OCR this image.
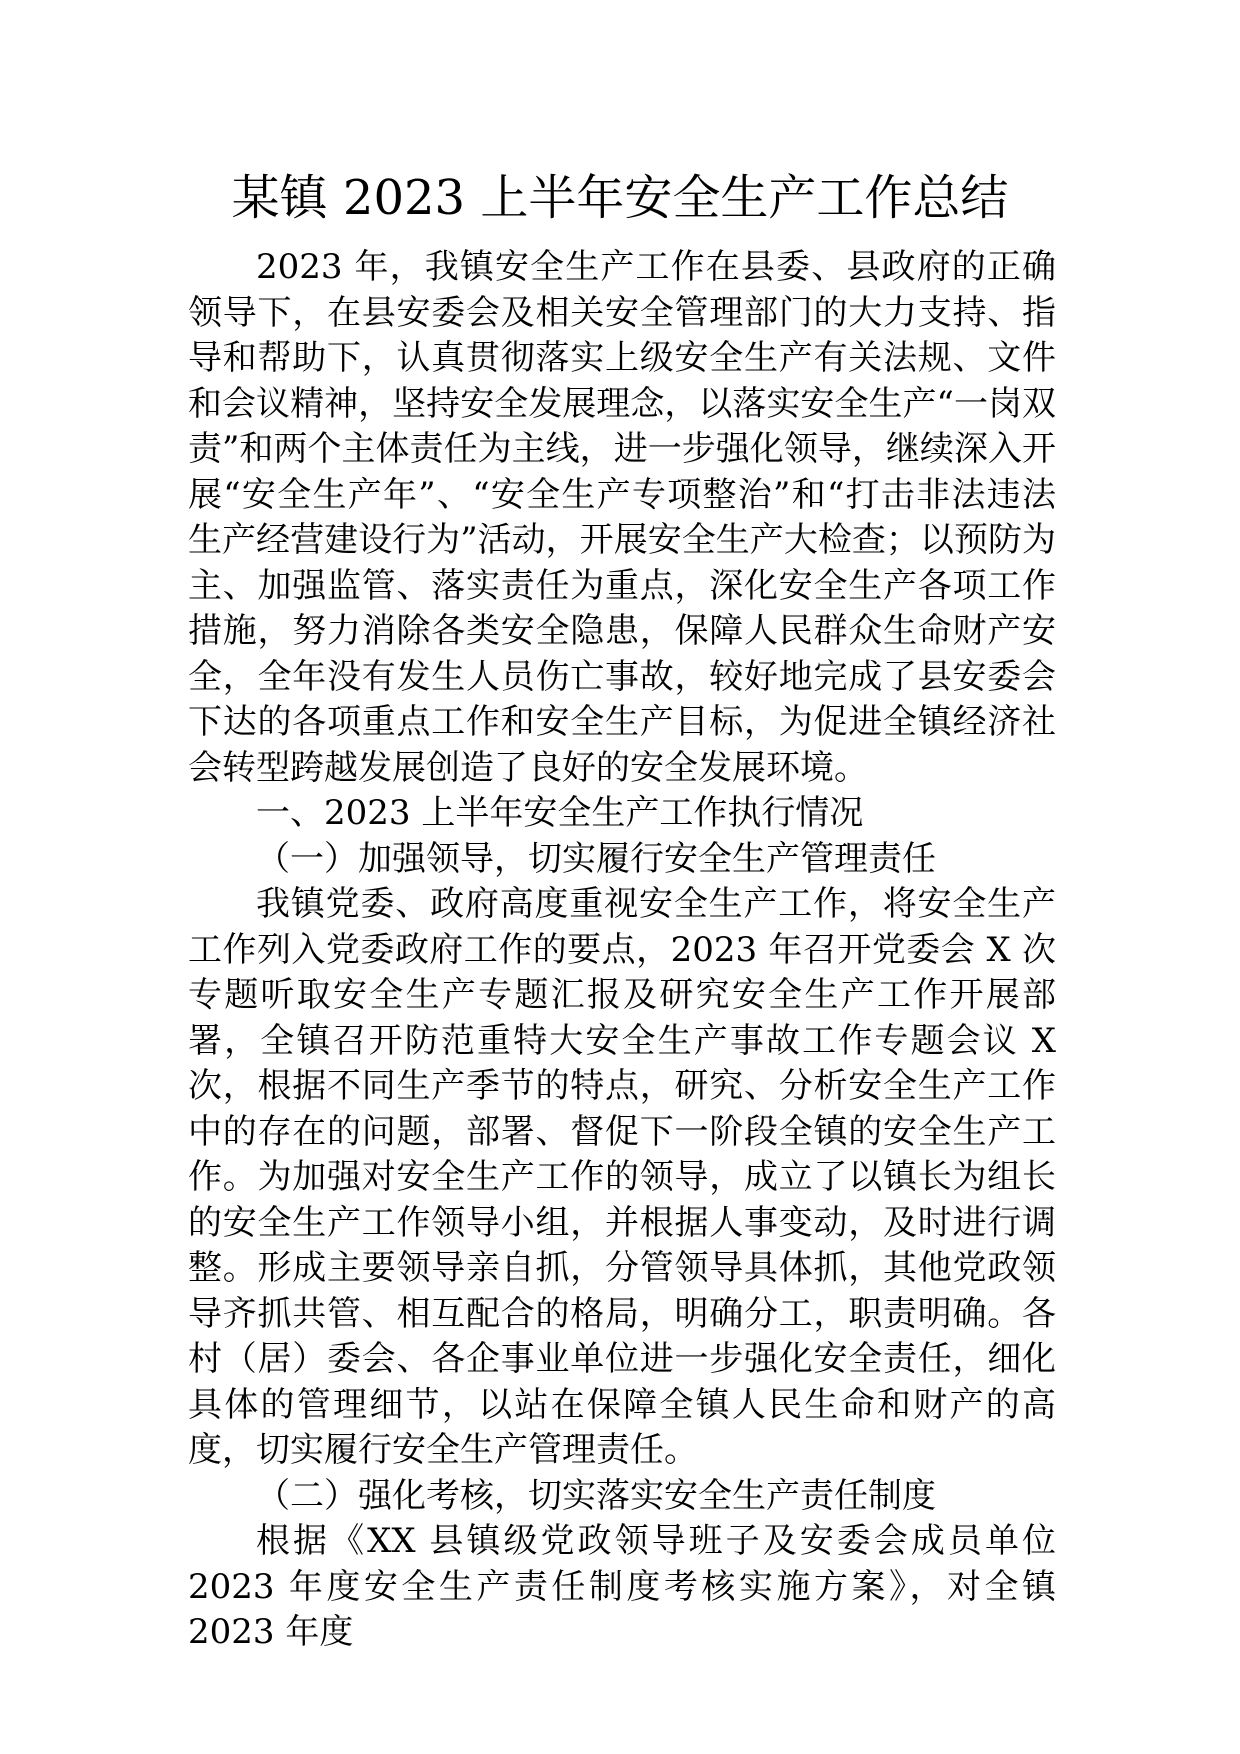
某镇 2023 上半年安全生产工作总结

2023 年，我镇安全生产工作在县委、县政府的正确领导下，在县安委会及相关安全管理部门的大力支持、指导和帮助下，认真贯彻落实上级安全生产有关法规、文件和会议精神，坚持安全发展理念，以落实安全生产“一岗双责”和两个主体责任为主线，进一步强化领导，继续深入开展“安全生产年”、“安全生产专项整治”和“打击非法违法生产经营建设行为”活动，开展安全生产大检查；以预防为主、加强监管、落实责任为重点，深化安全生产各项工作措施，努力消除各类安全隐患，保障人民群众生命财产安全，全年没有发生人员伤亡事故，较好地完成了县安委会下达的各项重点工作和安全生产目标，为促进全镇经济社会转型跨越发展创造了良好的安全发展环境。

一、2023 上半年安全生产工作执行情况

（一）加强领导，切实履行安全生产管理责任

我镇党委、政府高度重视安全生产工作，将安全生产工作列入党委政府工作的要点，2023 年召开党委会 X 次专题听取安全生产专题汇报及研究安全生产工作开展部署，全镇召开防范重特大安全生产事故工作专题会议 X 次，根据不同生产季节的特点，研究、分析安全生产工作中的存在的问题，部署、督促下一阶段全镇的安全生产工作。为加强对安全生产工作的领导，成立了以镇长为组长的安全生产工作领导小组，并根据人事变动，及时进行调整。形成主要领导亲自抓，分管领导具体抓，其他党政领导齐抓共管、相互配合的格局，明确分工，职责明确。各村（居）委会、各企事业单位进一步强化安全责任，细化具体的管理细节，以站在保障全镇人民生命和财产的高度，切实履行安全生产管理责任。

（二）强化考核，切实落实安全生产责任制度

根据《XX 县镇级党政领导班子及安委会成员单位 2023 年度安全生产责任制度考核实施方案》，对全镇 2023 年度
